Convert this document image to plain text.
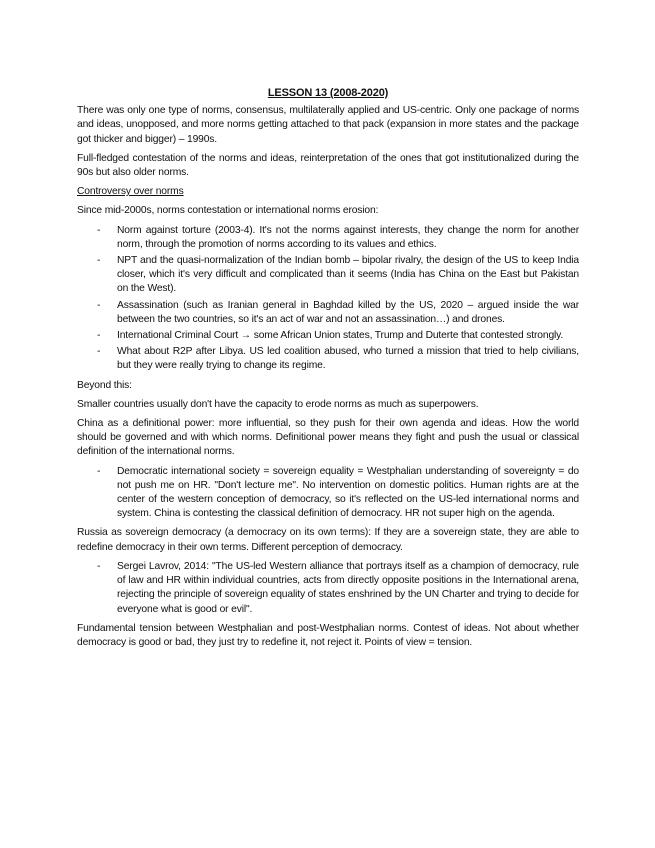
LESSON 13 (2008-2020)

There was only one type of norms, consensus, multilaterally applied and US-centric. Only one package of norms and ideas, unopposed, and more norms getting attached to that pack (expansion in more states and the package got thicker and bigger) – 1990s.

Full-fledged contestation of the norms and ideas, reinterpretation of the ones that got institutionalized during the 90s but also older norms.

Controversy over norms

Since mid-2000s, norms contestation or international norms erosion:

- Norm against torture (2003-4). It's not the norms against interests, they change the norm for another norm, through the promotion of norms according to its values and ethics.
- NPT and the quasi-normalization of the Indian bomb – bipolar rivalry, the design of the US to keep India closer, which it's very difficult and complicated than it seems (India has China on the East but Pakistan on the West).
- Assassination (such as Iranian general in Baghdad killed by the US, 2020 – argued inside the war between the two countries, so it's an act of war and not an assassination…) and drones.
- International Criminal Court → some African Union states, Trump and Duterte that contested strongly.
- What about R2P after Libya. US led coalition abused, who turned a mission that tried to help civilians, but they were really trying to change its regime.

Beyond this:

Smaller countries usually don't have the capacity to erode norms as much as superpowers.

China as a definitional power: more influential, so they push for their own agenda and ideas. How the world should be governed and with which norms. Definitional power means they fight and push the usual or classical definition of the international norms.

- Democratic international society = sovereign equality = Westphalian understanding of sovereignty = do not push me on HR. "Don't lecture me". No intervention on domestic politics. Human rights are at the center of the western conception of democracy, so it's reflected on the US-led international norms and system. China is contesting the classical definition of democracy. HR not super high on the agenda.

Russia as sovereign democracy (a democracy on its own terms): If they are a sovereign state, they are able to redefine democracy in their own terms. Different perception of democracy.

- Sergei Lavrov, 2014: "The US-led Western alliance that portrays itself as a champion of democracy, rule of law and HR within individual countries, acts from directly opposite positions in the International arena, rejecting the principle of sovereign equality of states enshrined by the UN Charter and trying to decide for everyone what is good or evil".

Fundamental tension between Westphalian and post-Westphalian norms. Contest of ideas. Not about whether democracy is good or bad, they just try to redefine it, not reject it. Points of view = tension.
